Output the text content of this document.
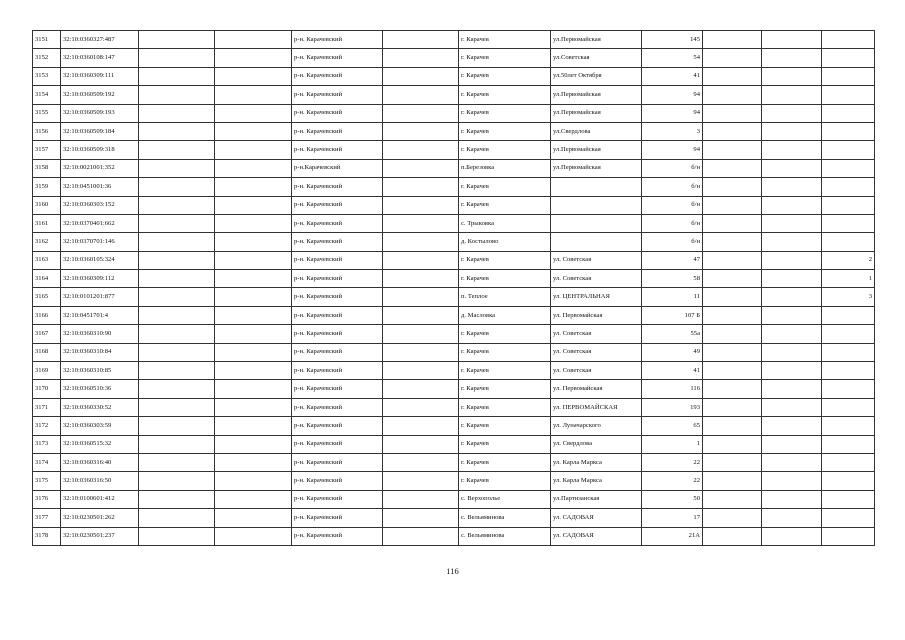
3151	32:10:0360327:487			р-н. Карачевский		г. Карачев	ул.Первомайская	145			
3152	32:10:0360108:147			р-н. Карачевский		г. Карачев	ул.Советская	54			
3153	32:10:0360309:111			р-н. Карачевский		г. Карачев	ул.50лет Октября	41			
3154	32:10:0360509:192			р-н. Карачевский		г. Карачев	ул.Первомайская	94			
3155	32:10:0360509:193			р-н. Карачевский		г. Карачев	ул.Первомайская	94			
3156	32:10:0360509:184			р-н. Карачевский		г. Карачев	ул.Свердлова	3			
3157	32:10:0360509:318			р-н. Карачевский		г. Карачев	ул.Первомайская	94			
3158	32:10:0021001:352			р-н.Карачевский		п.Березовка	ул.Первомайская	б/н			
3159	32:10:0451001:36			р-н. Карачевский		г. Карачев		б/н			
3160	32:10:0360303:152			р-н. Карачевский		г. Карачев		б/н			
3161	32:10:0370401:662			р-н. Карачевский		с. Трыковка		б/н			
3162	32:10:0370701:146			р-н. Карачевский		д. Костылово		б/н			
3163	32:10:0360105:324			р-н. Карачевский		г. Карачев	ул. Советская	47			2
3164	32:10:0360309:112			р-н. Карачевский		г. Карачев	ул. Советская	58			1
3165	32:10:0101201:877			р-н. Карачевский		п. Теплое	ул. ЦЕНТРАЛЬНАЯ	11			3
3166	32:10:0451701:4			р-н. Карачевский		д. Масловка	ул. Первомайская	107 Б			
3167	32:10:0360310:90			р-н. Карачевский		г. Карачев	ул. Советская	55а			
3168	32:10:0360310:84			р-н. Карачевский		г. Карачев	ул. Советская	49			
3169	32:10:0360310:85			р-н. Карачевский		г. Карачев	ул. Советская	41			
3170	32:10:0360510:36			р-н. Карачевский		г. Карачев	ул. Первомайская	116			
3171	32:10:0360330:52			р-н. Карачевский		г. Карачев	ул. ПЕРВОМАЙСКАЯ	193			
3172	32:10:0360303:59			р-н. Карачевский		г. Карачев	ул. Луначарского	65			
3173	32:10:0360515:32			р-н. Карачевский		г. Карачев	ул. Свердлова	1			
3174	32:10:0360316:40			р-н. Карачевский		г. Карачев	ул. Карла Маркса	22			
3175	32:10:0360316:50			р-н. Карачевский		г. Карачев	ул. Карла Маркса	22			
3176	32:10:0100601:412			р-н. Карачевский		с. Верхополье	ул.Партизанская	50			
3177	32:10:0230501:262			р-н. Карачевский		с. Вельяминова	ул. САДОВАЯ	17			
3178	32:10:0230501:237			р-н. Карачевский		с. Вельяминова	ул. САДОВАЯ	21А			
116
